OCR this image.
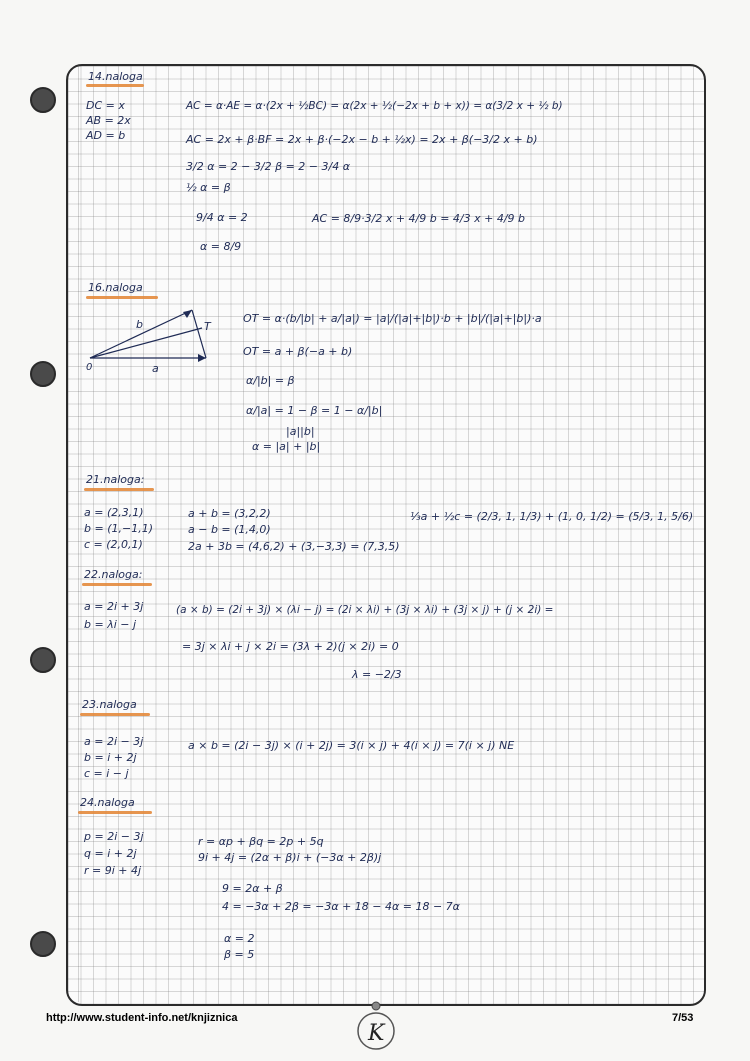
14.naloga
DC = x
AB = 2x
AD = b
AC = α·AE = α·(2x + ½BC) = α(2x + ½(−2x + b + x)) = α(3/2 x + ½ b)
AC = 2x + β·BF = 2x + β·(−2x − b + ½x) = 2x + β(−3/2 x + b)
3/2 α = 2 − 3/2 β = 2 − 3/4 α
½ α = β
9/4 α = 2
α = 8/9
AC = 8/9·3/2 x + 4/9 b = 4/3 x + 4/9 b
16.naloga
b
a
T
0
OT = α·(b/|b| + a/|a|) = |a|/(|a|+|b|)·b + |b|/(|a|+|b|)·a
OT = a + β(−a + b)
α/|b| = β
α/|a| = 1 − β = 1 − α/|b|
|a||b|
α = |a| + |b|
21.naloga:
a = (2,3,1)
b = (1,−1,1)
c = (2,0,1)
a + b = (3,2,2)
a − b = (1,4,0)
2a + 3b = (4,6,2) + (3,−3,3) = (7,3,5)
⅓a + ½c = (2/3, 1, 1/3) + (1, 0, 1/2) = (5/3, 1, 5/6)
22.naloga:
a = 2i + 3j
b = λi − j
(a × b) = (2i + 3j) × (λi − j) = (2i × λi) + (3j × λi) + (3j × j) + (j × 2i) =
= 3j × λi + j × 2i = (3λ + 2)(j × 2i) = 0
λ = −2/3
23.naloga
a = 2i − 3j
b = i + 2j
c = i − j
a × b = (2i − 3j) × (i + 2j) = 3(i × j) + 4(i × j) = 7(i × j) NE
24.naloga
p = 2i − 3j
q = i + 2j
r = 9i + 4j
r = αp + βq = 2p + 5q
9i + 4j = (2α + β)i + (−3α + 2β)j
9 = 2α + β
4 = −3α + 2β = −3α + 18 − 4α = 18 − 7α
α = 2
β = 5
http://www.student-info.net/knjiznica
K
7/53
